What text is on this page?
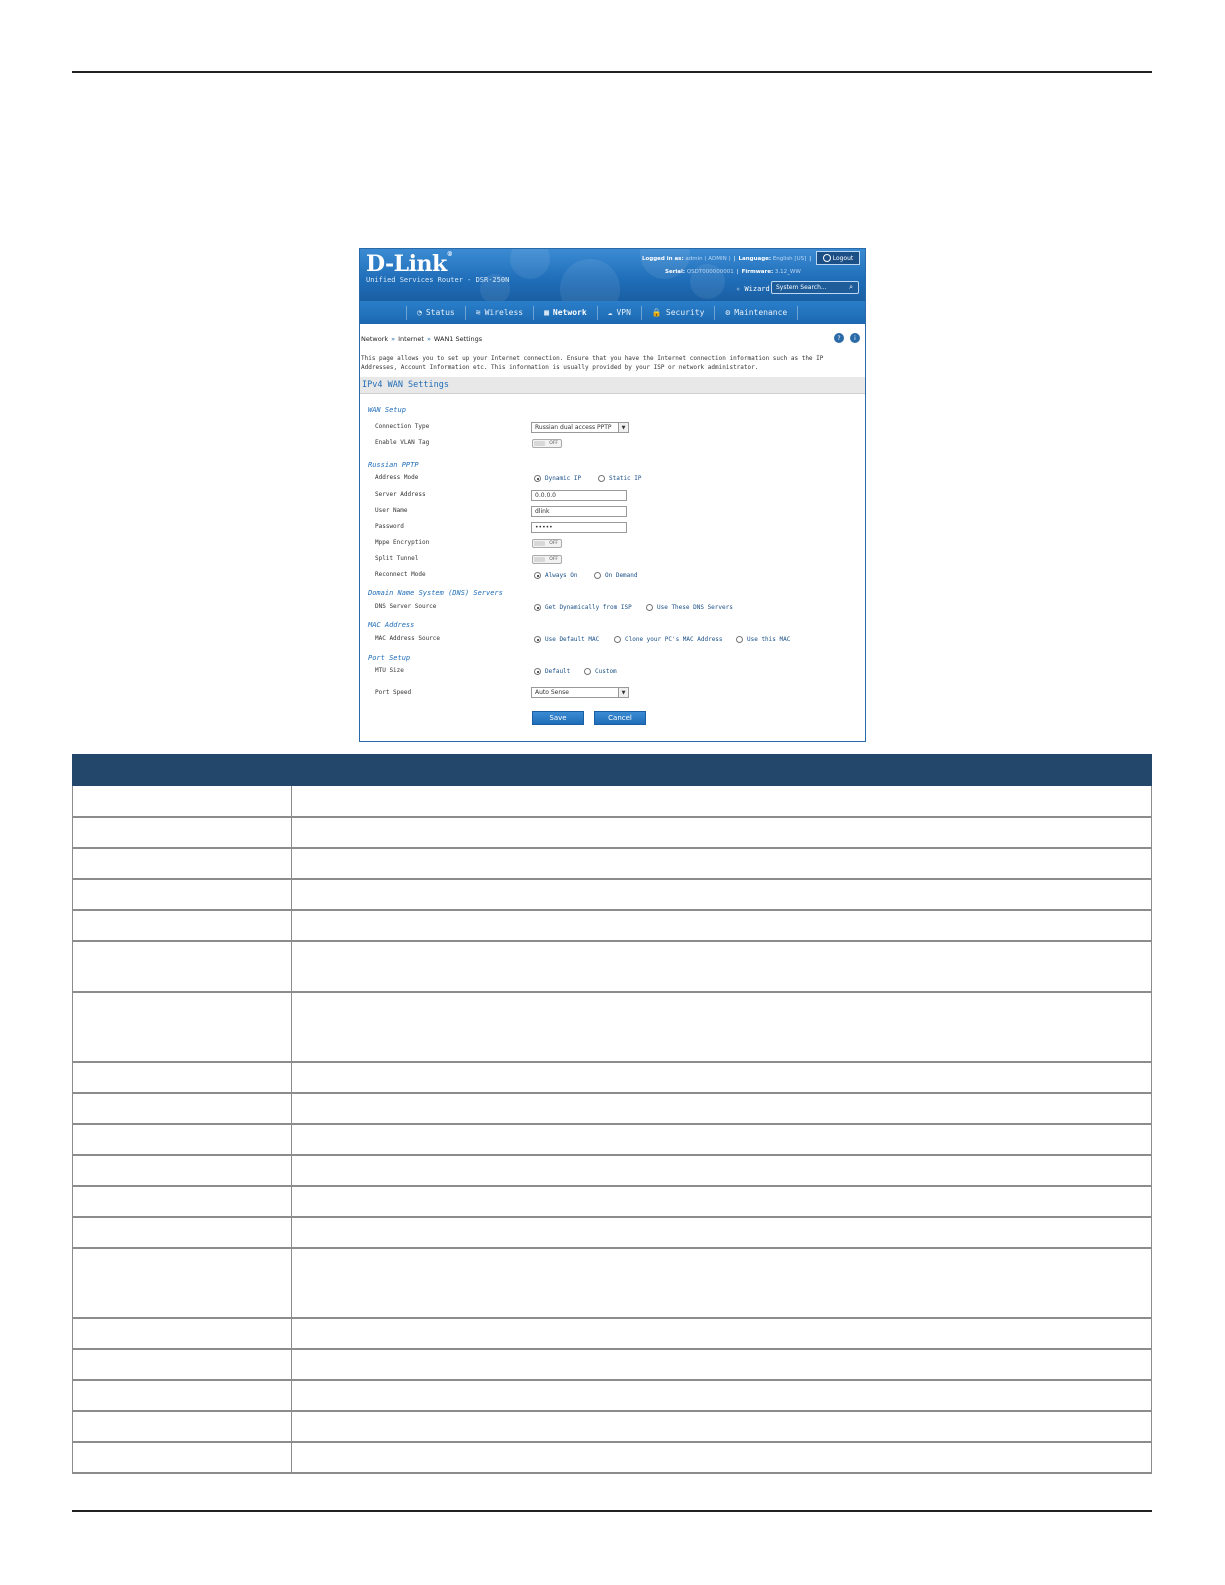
D-Link®
Unified Services Router - DSR-250N
Logged in as: admin ( ADMIN ) | Language: English [US] |	Logout
Serial: QSDT000000001 | Firmware: 3.12_WW
✧ Wizard	System Search...	⌕
◔ Status	≋ Wireless	▦ Network	☁ VPN	🔒 Security	⚙ Maintenance
Network » Internet » WAN1 Settings	?	i
This page allows you to set up your Internet connection. Ensure that you have the Internet connection information such as the IP Addresses, Account Information etc. This information is usually provided by your ISP or network administrator.
IPv4 WAN Settings
WAN Setup
Connection Type	Russian dual access PPTP	▼
Enable VLAN Tag	OFF
Russian PPTP
Address Mode	Dynamic IP	Static IP
Server Address	0.0.0.0
User Name	dlink
Password	•••••
Mppe Encryption	OFF
Split Tunnel	OFF
Reconnect Mode	Always On	On Demand
Domain Name System (DNS) Servers
DNS Server Source	Get Dynamically from ISP	Use These DNS Servers
MAC Address
MAC Address Source	Use Default MAC	Clone your PC's MAC Address	Use this MAC
Port Setup
MTU Size	Default	Custom
Port Speed	Auto Sense	▼
Save	Cancel
